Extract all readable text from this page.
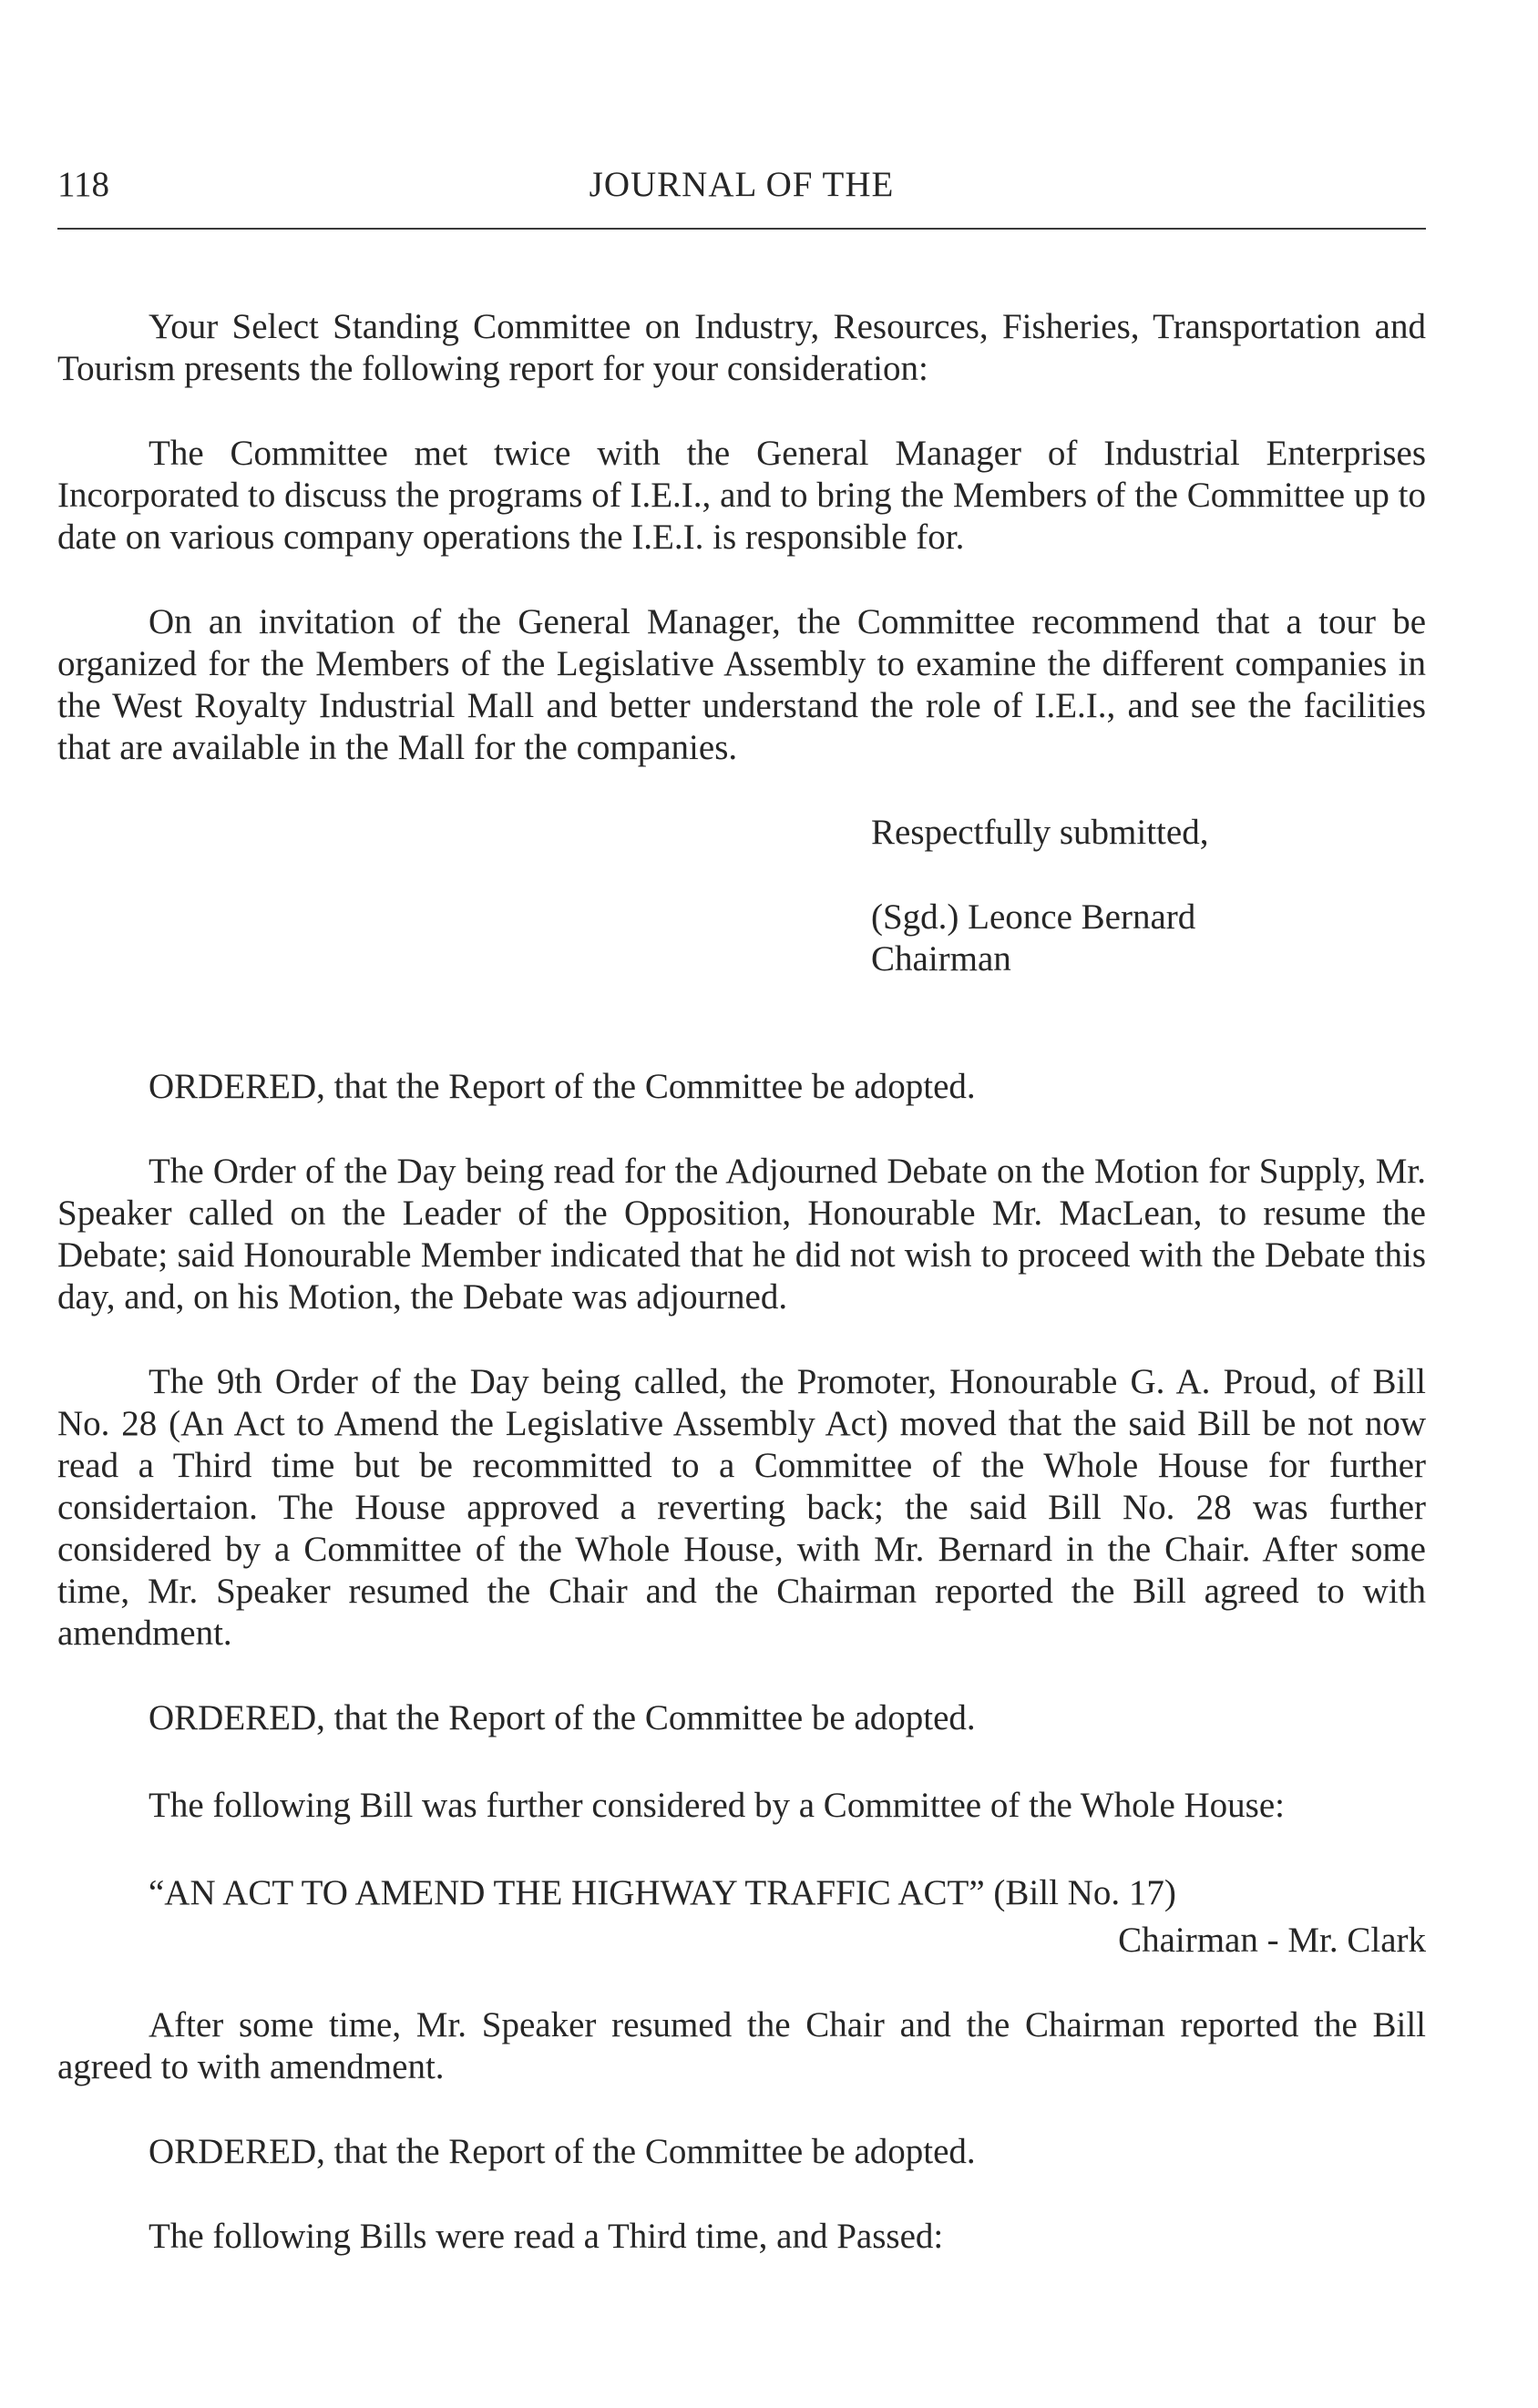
118	JOURNAL OF THE

Your Select Standing Committee on Industry, Resources, Fisheries, Transportation and Tourism presents the following report for your consideration:

The Committee met twice with the General Manager of Industrial Enterprises Incorporated to discuss the programs of I.E.I., and to bring the Members of the Committee up to date on various company operations the I.E.I. is responsible for.

On an invitation of the General Manager, the Committee recommend that a tour be organized for the Members of the Legislative Assembly to examine the different companies in the West Royalty Industrial Mall and better understand the role of I.E.I., and see the facilities that are available in the Mall for the companies.

Respectfully submitted,
(Sgd.) Leonce Bernard
Chairman

ORDERED, that the Report of the Committee be adopted.

The Order of the Day being read for the Adjourned Debate on the Motion for Supply, Mr. Speaker called on the Leader of the Opposition, Honourable Mr. MacLean, to resume the Debate; said Honourable Member indicated that he did not wish to proceed with the Debate this day, and, on his Motion, the Debate was adjourned.

The 9th Order of the Day being called, the Promoter, Honourable G. A. Proud, of Bill No. 28 (An Act to Amend the Legislative Assembly Act) moved that the said Bill be not now read a Third time but be recommitted to a Committee of the Whole House for further considertaion. The House approved a reverting back; the said Bill No. 28 was further considered by a Committee of the Whole House, with Mr. Bernard in the Chair. After some time, Mr. Speaker resumed the Chair and the Chairman reported the Bill agreed to with amendment.

ORDERED, that the Report of the Committee be adopted.

The following Bill was further considered by a Committee of the Whole House:

“AN ACT TO AMEND THE HIGHWAY TRAFFIC ACT” (Bill No. 17)

Chairman - Mr. Clark

After some time, Mr. Speaker resumed the Chair and the Chairman reported the Bill agreed to with amendment.

ORDERED, that the Report of the Committee be adopted.

The following Bills were read a Third time, and Passed:
